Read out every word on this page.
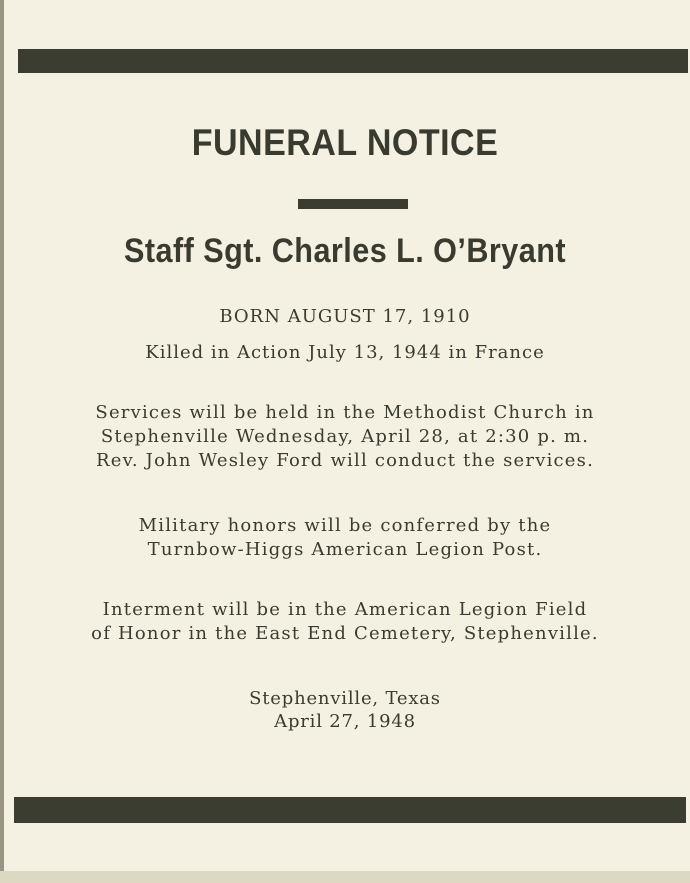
FUNERAL NOTICE
Staff Sgt. Charles L. O’Bryant

BORN AUGUST 17, 1910

Killed in Action July 13, 1944 in France

Services will be held in the Methodist Church in
Stephenville Wednesday, April 28, at 2:30 p. m.
Rev. John Wesley Ford will conduct the services.
Military honors will be conferred by the
Turnbow-Higgs American Legion Post.
Interment will be in the American Legion Field
of Honor in the East End Cemetery, Stephenville.
Stephenville, Texas
April 27, 1948
